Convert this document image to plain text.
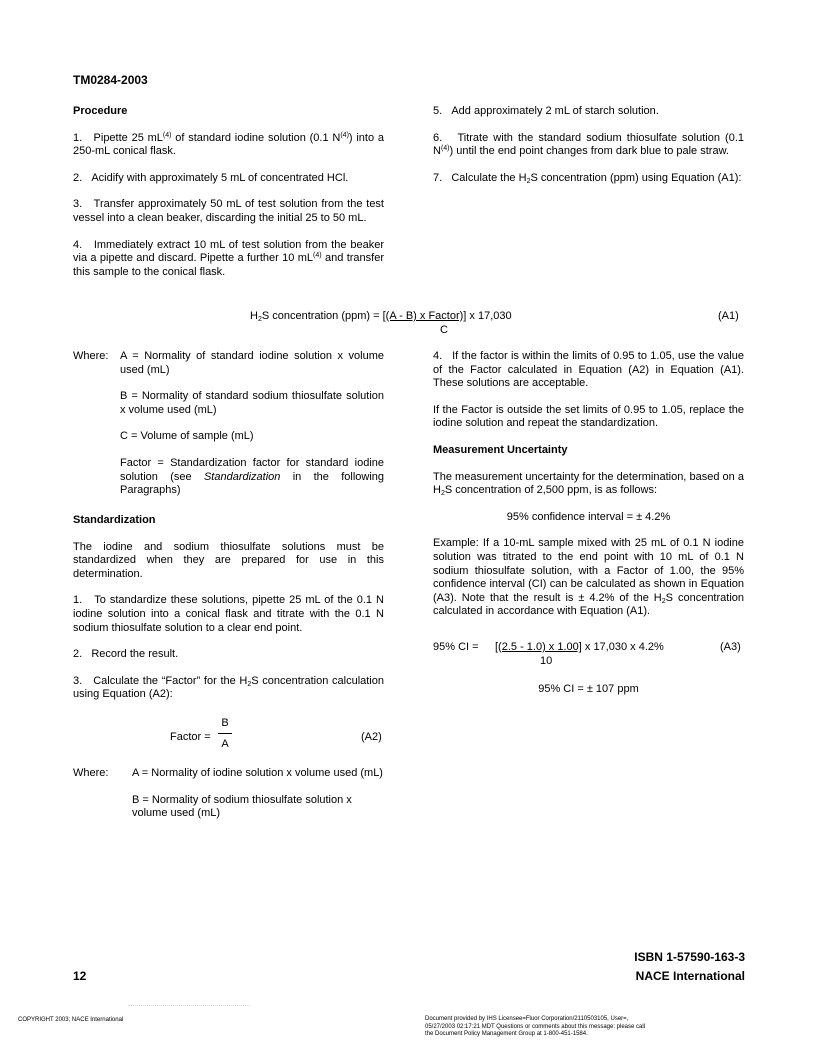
TM0284-2003

Procedure

1.   Pipette 25 $mL^{(4)}$ of standard iodine solution (0.1 $N^{(4)}$) into a 250-mL conical flask.

2.   Acidify with approximately 5 mL of concentrated HCl.

3.   Transfer approximately 50 mL of test solution from the test vessel into a clean beaker, discarding the initial 25 to 50 mL.

4.   Immediately extract 10 mL of test solution from the beaker via a pipette and discard. Pipette a further 10 $mL^{(4)}$ and transfer this sample to the conical flask.

5.   Add approximately 2 mL of starch solution.

6.   Titrate with the standard sodium thiosulfate solution (0.1 $N^{(4)}$) until the end point changes from dark blue to pale straw.

7.   Calculate the $H_2S$ concentration (ppm) using Equation (A1):

$H_2S$ concentration (ppm) = [(A - B) x Factor)] x 17,030
C
(A1)
Where: A = Normality of standard iodine solution x volume used (mL)

B = Normality of standard sodium thiosulfate solution x volume used (mL)

C = Volume of sample (mL)

Factor = Standardization factor for standard iodine solution (see Standardization in the following Paragraphs)

Standardization

The iodine and sodium thiosulfate solutions must be standardized when they are prepared for use in this determination.

1.   To standardize these solutions, pipette 25 mL of the 0.1 N iodine solution into a conical flask and titrate with the 0.1 N sodium thiosulfate solution to a clear end point.

2.   Record the result.

3.   Calculate the “Factor” for the $H_2S$ concentration calculation using Equation (A2):

Factor =
B
A
(A2)
Where: A = Normality of iodine solution x volume used (mL)

B = Normality of sodium thiosulfate solution x volume used (mL)

4.   If the factor is within the limits of 0.95 to 1.05, use the value of the Factor calculated in Equation (A2) in Equation (A1). These solutions are acceptable.

If the Factor is outside the set limits of 0.95 to 1.05, replace the iodine solution and repeat the standardization.

Measurement Uncertainty

The measurement uncertainty for the determination, based on a $H_2S$ concentration of 2,500 ppm, is as follows:

95% confidence interval = ± 4.2%

Example: If a 10-mL sample mixed with 25 mL of 0.1 N iodine solution was titrated to the end point with 10 mL of 0.1 N sodium thiosulfate solution, with a Factor of 1.00, the 95% confidence interval (CI) can be calculated as shown in Equation (A3). Note that the result is ± 4.2% of the $H_2S$ concentration calculated in accordance with Equation (A1).

95% CI = [(2.5 - 1.0) x 1.00] x 17,030 x 4.2%
10
(A3)
95% CI = ± 107 ppm
12
ISBN 1-57590-163-3
NACE International
COPYRIGHT 2003; NACE International	Document provided by IHS Licensee=Fluor Corporation/2110503105, User=,
05/27/2003 02:17:21 MDT Questions or comments about this message: please call
the Document Policy Management Group at 1-800-451-1584.
